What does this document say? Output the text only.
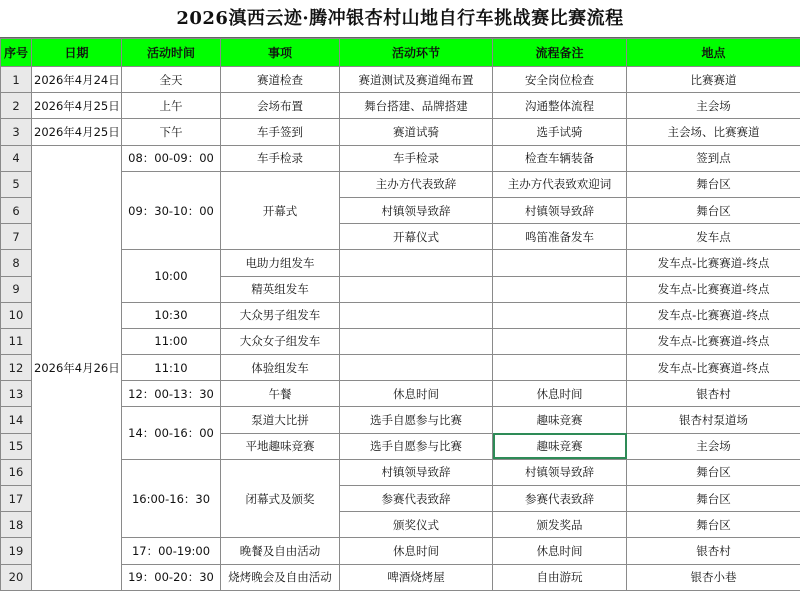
2026滇西云迹·腾冲银杏村山地自行车挑战赛比赛流程
序号	日期	活动时间	事项	活动环节	流程备注	地点
1	2026年4月24日	全天	赛道检查	赛道测试及赛道绳布置	安全岗位检查	比赛赛道
2	2026年4月25日	上午	会场布置	舞台搭建、品牌搭建	沟通整体流程	主会场
3	2026年4月25日	下午	车手签到	赛道试骑	选手试骑	主会场、比赛赛道
4	2026年4月26日	08：00-09：00	车手检录	车手检录	检查车辆装备	签到点
5		09：30-10：00	开幕式	主办方代表致辞	主办方代表致欢迎词	舞台区
6				村镇领导致辞	村镇领导致辞	舞台区
7				开幕仪式	鸣笛准备发车	发车点
8		10:00	电助力组发车			发车点-比赛赛道-终点
9			精英组发车			发车点-比赛赛道-终点
10		10:30	大众男子组发车			发车点-比赛赛道-终点
11		11:00	大众女子组发车			发车点-比赛赛道-终点
12		11:10	体验组发车			发车点-比赛赛道-终点
13		12：00-13：30	午餐	休息时间	休息时间	银杏村
14		14：00-16：00	泵道大比拼	选手自愿参与比赛	趣味竞赛	银杏村泵道场
15			平地趣味竞赛	选手自愿参与比赛	趣味竞赛	主会场
16		16:00-16：30	闭幕式及颁奖	村镇领导致辞	村镇领导致辞	舞台区
17				参赛代表致辞	参赛代表致辞	舞台区
18				颁奖仪式	颁发奖品	舞台区
19		17：00-19:00	晚餐及自由活动	休息时间	休息时间	银杏村
20		19：00-20：30	烧烤晚会及自由活动	啤酒烧烤屋	自由游玩	银杏小巷
